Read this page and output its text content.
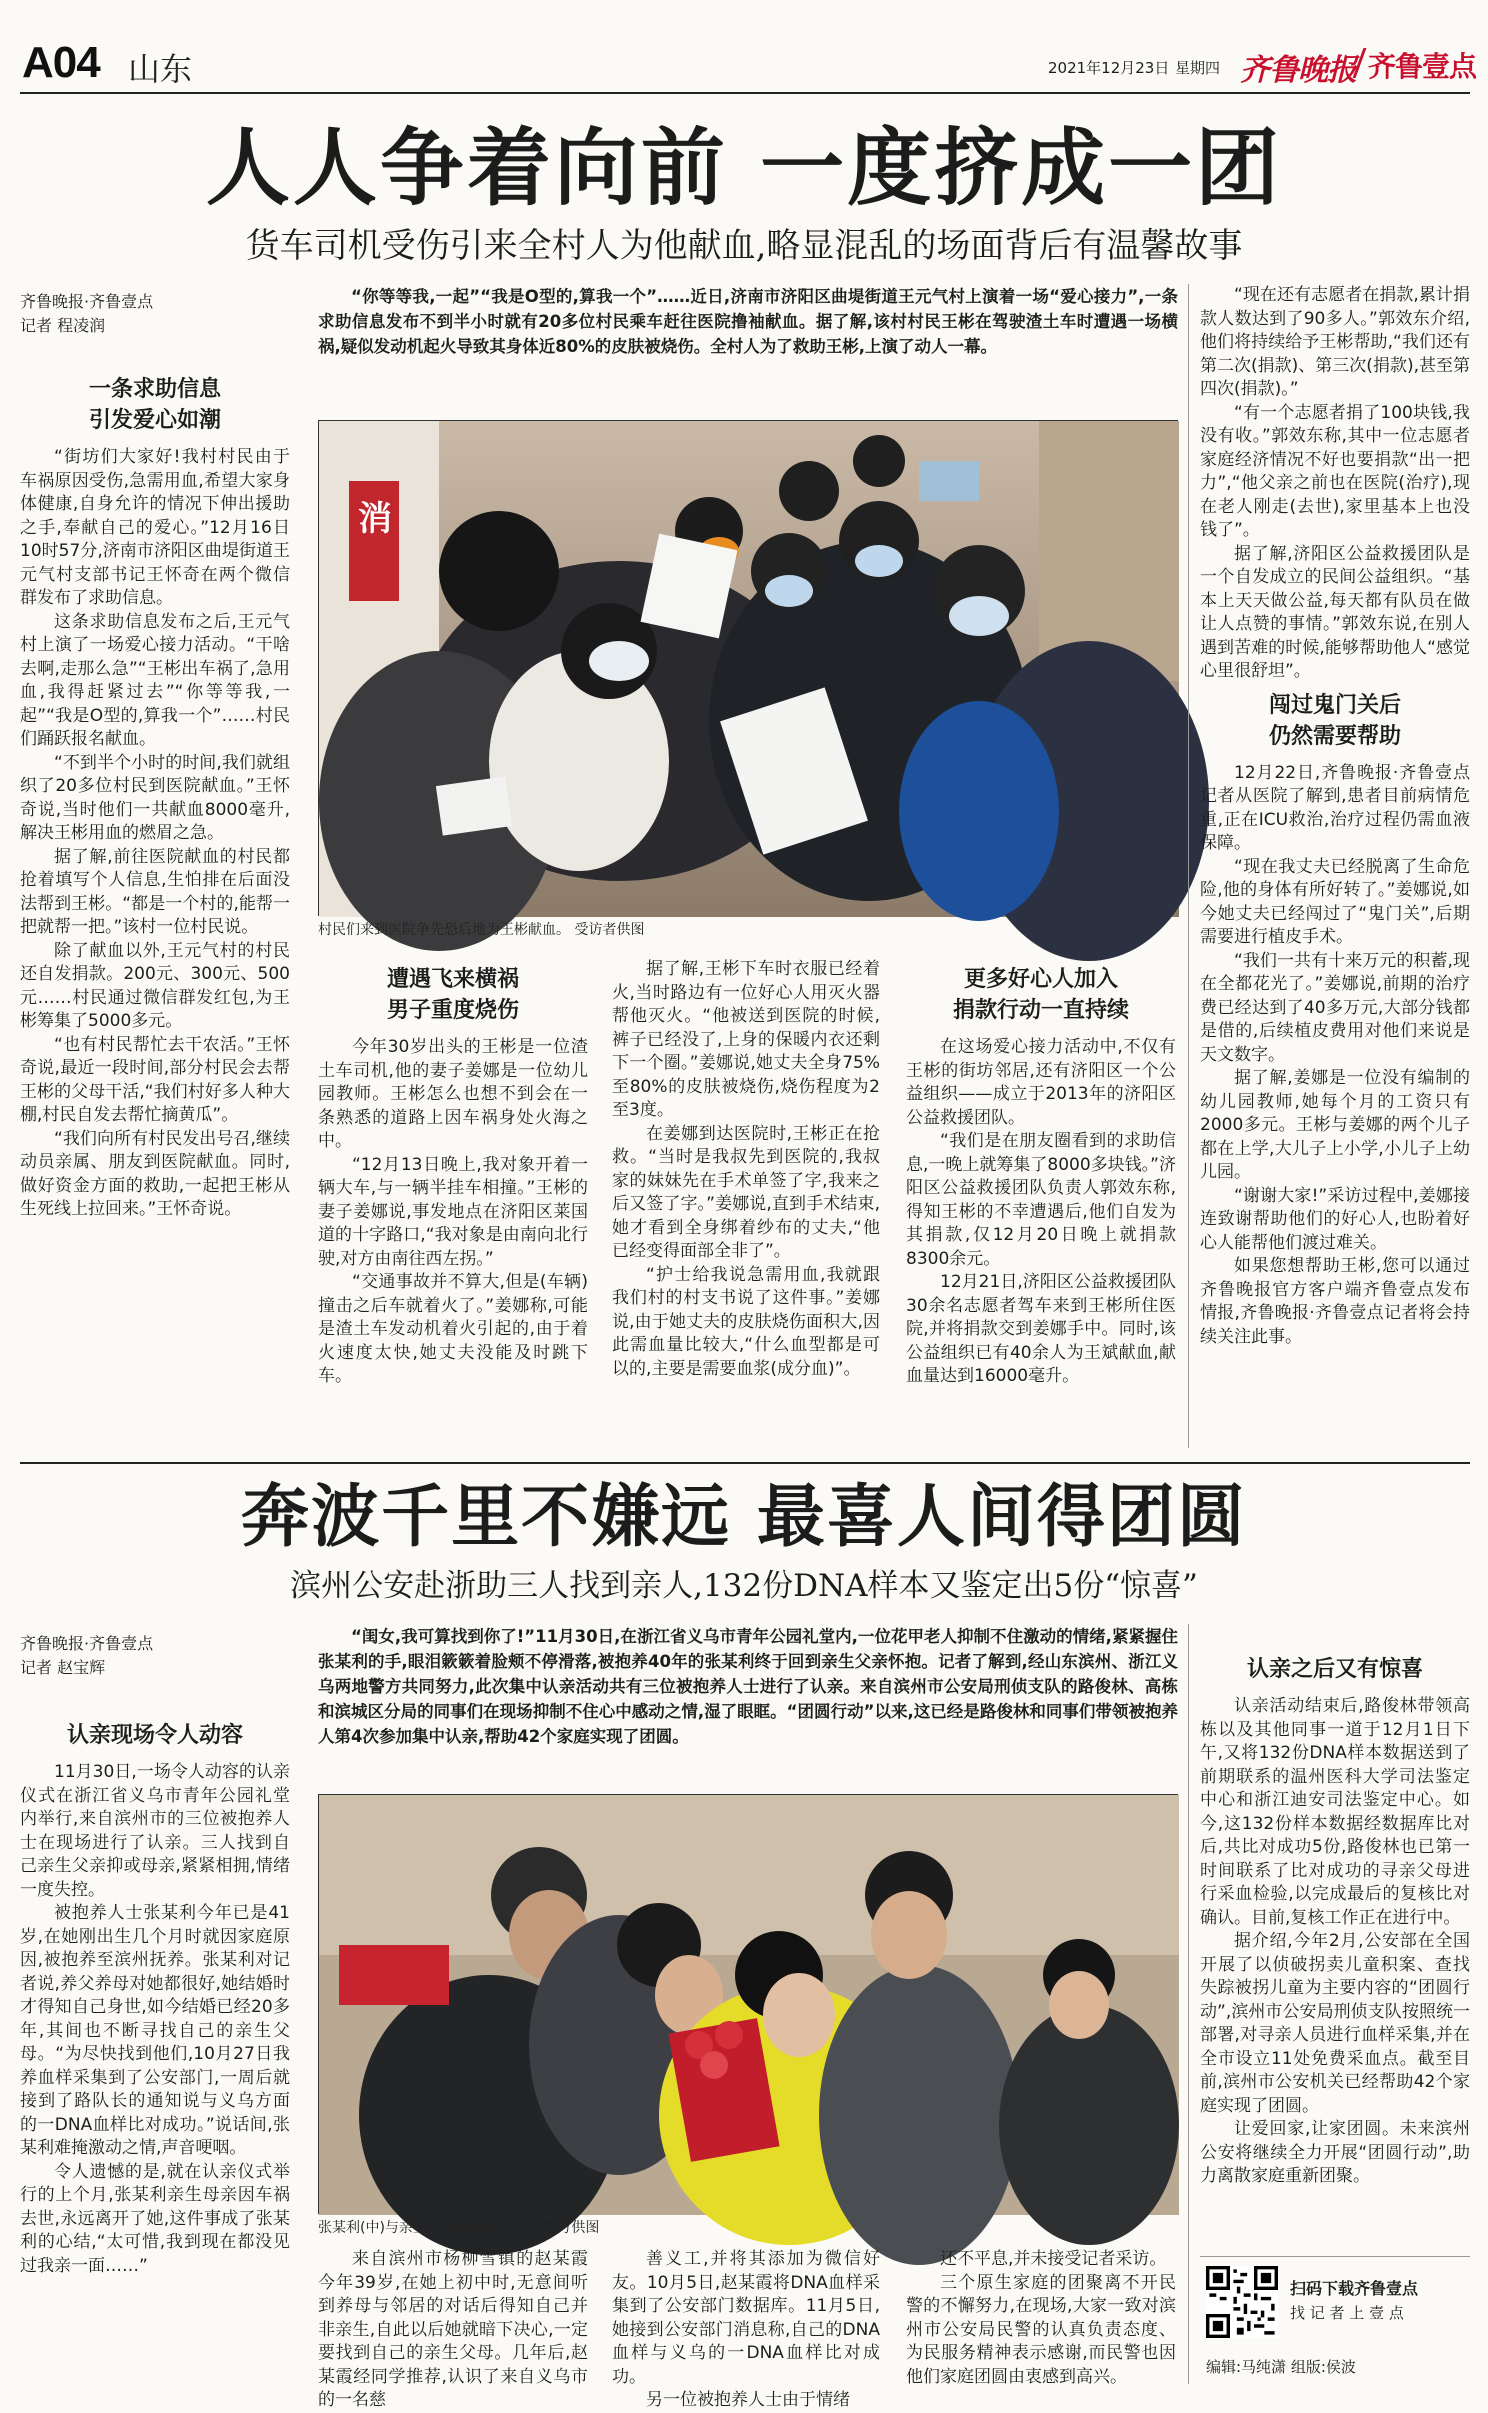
A04 山东	2021年12月23日 星期四 齐鲁晚报 齐鲁壹点
人人争着向前 一度挤成一团
货车司机受伤引来全村人为他献血,略显混乱的场面背后有温馨故事
齐鲁晚报·齐鲁壹点
记者 程凌润
“你等等我,一起”“我是O型的,算我一个”……近日,济南市济阳区曲堤街道王元气村上演着一场“爱心接力”,一条求助信息发布不到半小时就有20多位村民乘车赶往医院撸袖献血。据了解,该村村民王彬在驾驶渣土车时遭遇一场横祸,疑似发动机起火导致其身体近80%的皮肤被烧伤。全村人为了救助王彬,上演了动人一幕。
消
村民们来到医院争先恐后地为王彬献血。 受访者供图
一条求助信息
引发爱心如潮
“街坊们大家好!我村村民由于车祸原因受伤,急需用血,希望大家身体健康,自身允许的情况下伸出援助之手,奉献自己的爱心。”12月16日10时57分,济南市济阳区曲堤街道王元气村支部书记王怀奇在两个微信群发布了求助信息。
这条求助信息发布之后,王元气村上演了一场爱心接力活动。“干啥去啊,走那么急”“王彬出车祸了,急用血,我得赶紧过去”“你等等我,一起”“我是O型的,算我一个”……村民们踊跃报名献血。
“不到半个小时的时间,我们就组织了20多位村民到医院献血。”王怀奇说,当时他们一共献血8000毫升,解决王彬用血的燃眉之急。
据了解,前往医院献血的村民都抢着填写个人信息,生怕排在后面没法帮到王彬。“都是一个村的,能帮一把就帮一把。”该村一位村民说。
除了献血以外,王元气村的村民还自发捐款。200元、300元、500元……村民通过微信群发红包,为王彬筹集了5000多元。
“也有村民帮忙去干农活。”王怀奇说,最近一段时间,部分村民会去帮王彬的父母干活,“我们村好多人种大棚,村民自发去帮忙摘黄瓜”。
“我们向所有村民发出号召,继续动员亲属、朋友到医院献血。同时,做好资金方面的救助,一起把王彬从生死线上拉回来。”王怀奇说。
遭遇飞来横祸
男子重度烧伤
今年30岁出头的王彬是一位渣土车司机,他的妻子姜娜是一位幼儿园教师。王彬怎么也想不到会在一条熟悉的道路上因车祸身处火海之中。
“12月13日晚上,我对象开着一辆大车,与一辆半挂车相撞。”王彬的妻子姜娜说,事发地点在济阳区莱国道的十字路口,“我对象是由南向北行驶,对方由南往西左拐。”
“交通事故并不算大,但是(车辆)撞击之后车就着火了。”姜娜称,可能是渣土车发动机着火引起的,由于着火速度太快,她丈夫没能及时跳下车。
据了解,王彬下车时衣服已经着火,当时路边有一位好心人用灭火器帮他灭火。“他被送到医院的时候,裤子已经没了,上身的保暖内衣还剩下一个圈。”姜娜说,她丈夫全身75%至80%的皮肤被烧伤,烧伤程度为2至3度。
在姜娜到达医院时,王彬正在抢救。“当时是我叔先到医院的,我叔家的妹妹先在手术单签了字,我来之后又签了字。”姜娜说,直到手术结束,她才看到全身绑着纱布的丈夫,“他已经变得面部全非了”。
“护士给我说急需用血,我就跟我们村的村支书说了这件事。”姜娜说,由于她丈夫的皮肤烧伤面积大,因此需血量比较大,“什么血型都是可以的,主要是需要血浆(成分血)”。
更多好心人加入
捐款行动一直持续
在这场爱心接力活动中,不仅有王彬的街坊邻居,还有济阳区一个公益组织——成立于2013年的济阳区公益救援团队。
“我们是在朋友圈看到的求助信息,一晚上就筹集了8000多块钱。”济阳区公益救援团队负责人郭效东称,得知王彬的不幸遭遇后,他们自发为其捐款,仅12月20日晚上就捐款8300余元。
12月21日,济阳区公益救援团队30余名志愿者驾车来到王彬所住医院,并将捐款交到姜娜手中。同时,该公益组织已有40余人为王斌献血,献血量达到16000毫升。
“现在还有志愿者在捐款,累计捐款人数达到了90多人。”郭效东介绍,他们将持续给予王彬帮助,“我们还有第二次(捐款)、第三次(捐款),甚至第四次(捐款)。”
“有一个志愿者捐了100块钱,我没有收。”郭效东称,其中一位志愿者家庭经济情况不好也要捐款“出一把力”,“他父亲之前也在医院(治疗),现在老人刚走(去世),家里基本上也没钱了”。
据了解,济阳区公益救援团队是一个自发成立的民间公益组织。“基本上天天做公益,每天都有队员在做让人点赞的事情。”郭效东说,在别人遇到苦难的时候,能够帮助他人“感觉心里很舒坦”。
闯过鬼门关后
仍然需要帮助
12月22日,齐鲁晚报·齐鲁壹点记者从医院了解到,患者目前病情危重,正在ICU救治,治疗过程仍需血液保障。
“现在我丈夫已经脱离了生命危险,他的身体有所好转了。”姜娜说,如今她丈夫已经闯过了“鬼门关”,后期需要进行植皮手术。
“我们一共有十来万元的积蓄,现在全都花光了。”姜娜说,前期的治疗费已经达到了40多万元,大部分钱都是借的,后续植皮费用对他们来说是天文数字。
据了解,姜娜是一位没有编制的幼儿园教师,她每个月的工资只有2000多元。王彬与姜娜的两个儿子都在上学,大儿子上小学,小儿子上幼儿园。
“谢谢大家!”采访过程中,姜娜接连致谢帮助他们的好心人,也盼着好心人能帮他们渡过难关。
如果您想帮助王彬,您可以通过齐鲁晚报官方客户端齐鲁壹点发布情报,齐鲁晚报·齐鲁壹点记者将会持续关注此事。
奔波千里不嫌远 最喜人间得团圆
滨州公安赴浙助三人找到亲人,132份DNA样本又鉴定出5份“惊喜”
齐鲁晚报·齐鲁壹点
记者 赵宝辉
“闺女,我可算找到你了!”11月30日,在浙江省义乌市青年公园礼堂内,一位花甲老人抑制不住激动的情绪,紧紧握住张某利的手,眼泪簌簌着脸颊不停滑落,被抱养40年的张某利终于回到亲生父亲怀抱。记者了解到,经山东滨州、浙江义乌两地警方共同努力,此次集中认亲活动共有三位被抱养人士进行了认亲。来自滨州市公安局刑侦支队的路俊林、高栋和滨城区分局的同事们在现场抑制不住心中感动之情,湿了眼眶。“团圆行动”以来,这已经是路俊林和同事们带领被抱养人第4次参加集中认亲,帮助42个家庭实现了团圆。
张某利(中)与亲生父亲拥抱在一起。 警方供图
认亲现场令人动容
11月30日,一场令人动容的认亲仪式在浙江省义乌市青年公园礼堂内举行,来自滨州市的三位被抱养人士在现场进行了认亲。三人找到自己亲生父亲抑或母亲,紧紧相拥,情绪一度失控。
被抱养人士张某利今年已是41岁,在她刚出生几个月时就因家庭原因,被抱养至滨州抚养。张某利对记者说,养父养母对她都很好,她结婚时才得知自己身世,如今结婚已经20多年,其间也不断寻找自己的亲生父母。“为尽快找到他们,10月27日我养血样采集到了公安部门,一周后就接到了路队长的通知说与义乌方面的一DNA血样比对成功。”说话间,张某利难掩激动之情,声音哽咽。
令人遗憾的是,就在认亲仪式举行的上个月,张某利亲生母亲因车祸去世,永远离开了她,这件事成了张某利的心结,“太可惜,我到现在都没见过我亲一面……”	来自滨州市杨柳雪镇的赵某霞今年39岁,在她上初中时,无意间听到养母与邻居的对话后得知自己并非亲生,自此以后她就暗下决心,一定要找到自己的亲生父母。几年后,赵某霞经同学推荐,认识了来自义乌市的一名慈
善义工,并将其添加为微信好友。10月5日,赵某霞将DNA血样采集到了公安部门数据库。11月5日,她接到公安部门消息称,自己的DNA血样与义乌的一DNA血样比对成功。
另一位被抱养人士由于情绪
还不平息,并未接受记者采访。
三个原生家庭的团聚离不开民警的不懈努力,在现场,大家一致对滨州市公安局民警的认真负责态度、为民服务精神表示感谢,而民警也因他们家庭团圆由衷感到高兴。
认亲之后又有惊喜
认亲活动结束后,路俊林带领高栋以及其他同事一道于12月1日下午,又将132份DNA样本数据送到了前期联系的温州医科大学司法鉴定中心和浙江迪安司法鉴定中心。如今,这132份样本数据经数据库比对后,共比对成功5份,路俊林也已第一时间联系了比对成功的寻亲父母进行采血检验,以完成最后的复核比对确认。目前,复核工作正在进行中。
据介绍,今年2月,公安部在全国开展了以侦破拐卖儿童积案、查找失踪被拐儿童为主要内容的“团圆行动”,滨州市公安局刑侦支队按照统一部署,对寻亲人员进行血样采集,并在全市设立11处免费采血点。截至目前,滨州市公安机关已经帮助42个家庭实现了团圆。
让爱回家,让家团圆。未来滨州公安将继续全力开展“团圆行动”,助力离散家庭重新团聚。
扫码下载齐鲁壹点
找 记 者 上 壹 点
编辑:马纯潇 组版:侯波
